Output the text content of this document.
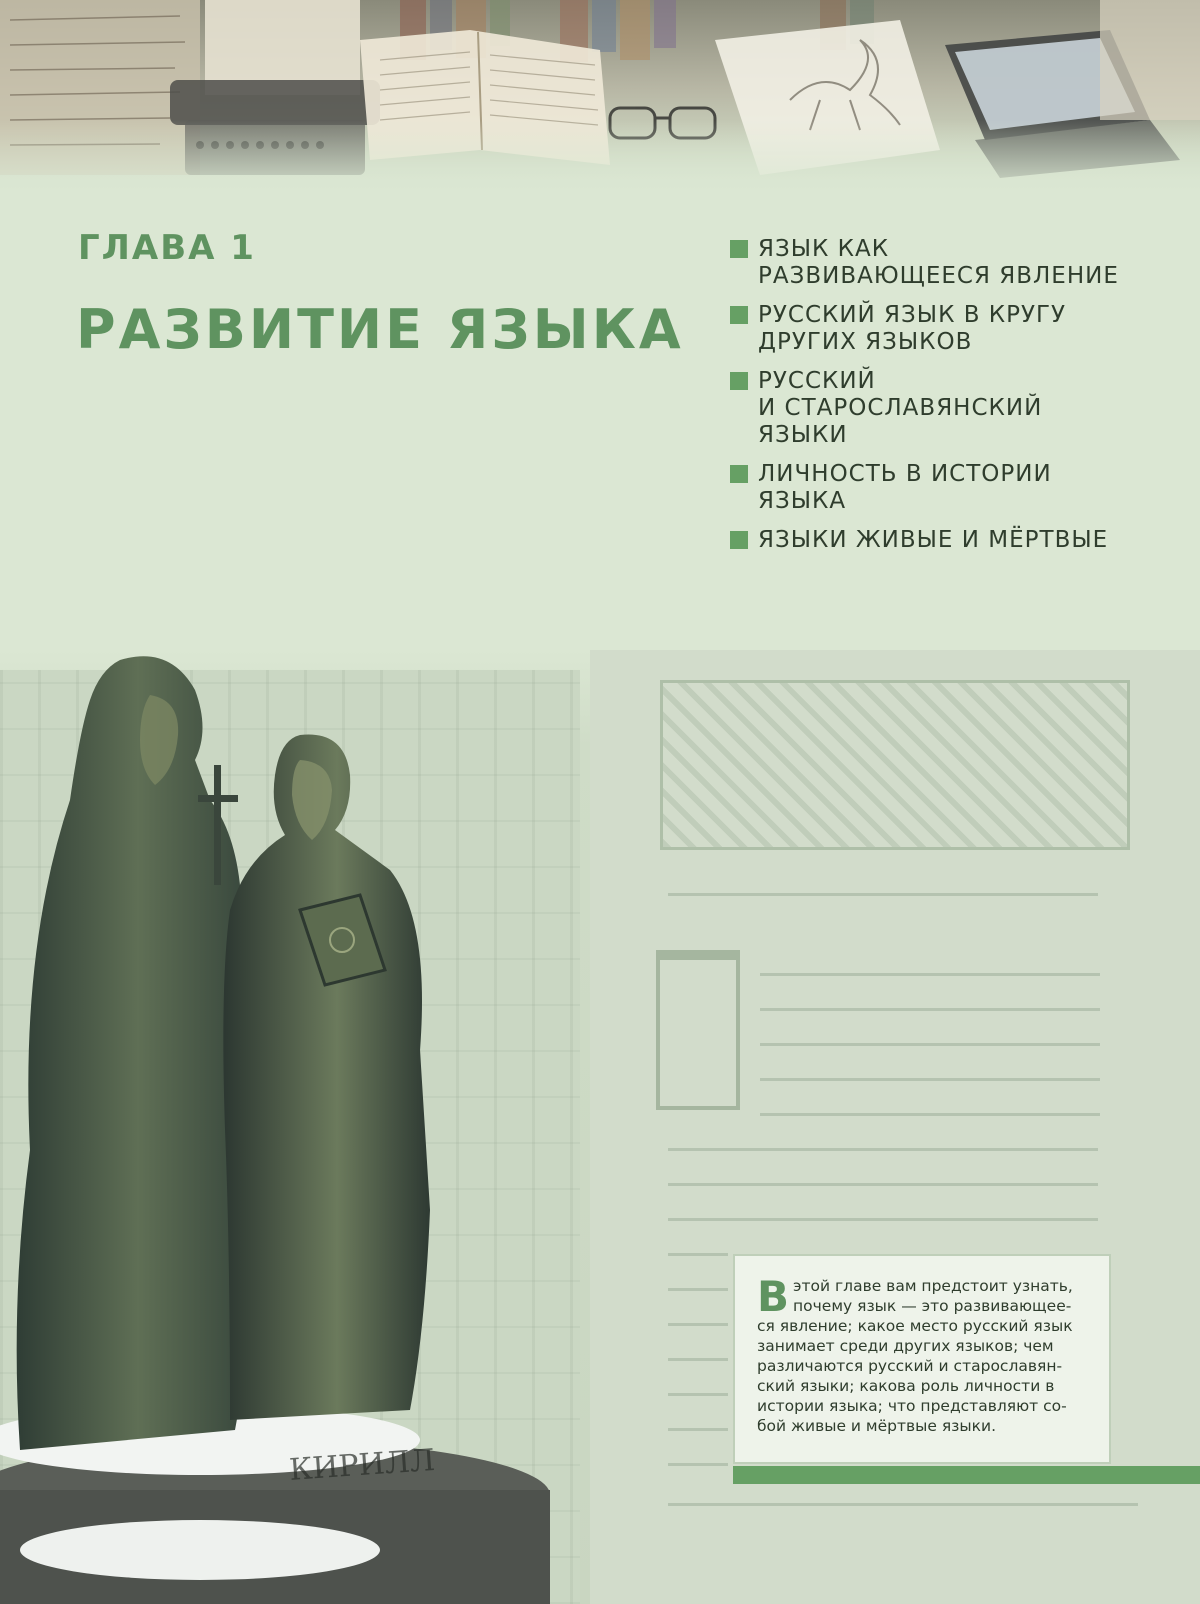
ГЛАВА 1
РАЗВИТИЕ ЯЗЫКА
ЯЗЫК КАК
РАЗВИВАЮЩЕЕСЯ ЯВЛЕНИЕ
РУССКИЙ ЯЗЫК В КРУГУ
ДРУГИХ ЯЗЫКОВ
РУССКИЙ
И СТАРОСЛАВЯНСКИЙ
ЯЗЫКИ
ЛИЧНОСТЬ В ИСТОРИИ
ЯЗЫКА
ЯЗЫКИ ЖИВЫЕ И МЁРТВЫЕ
КИРИЛЛ
В этой главе вам предстоит узнать, почему язык — это развивающее-ся явление; какое место русский язык занимает среди других языков; чем различаются русский и старославян-ский языки; какова роль личности в истории языка; что представляют со-бой живые и мёртвые языки.
